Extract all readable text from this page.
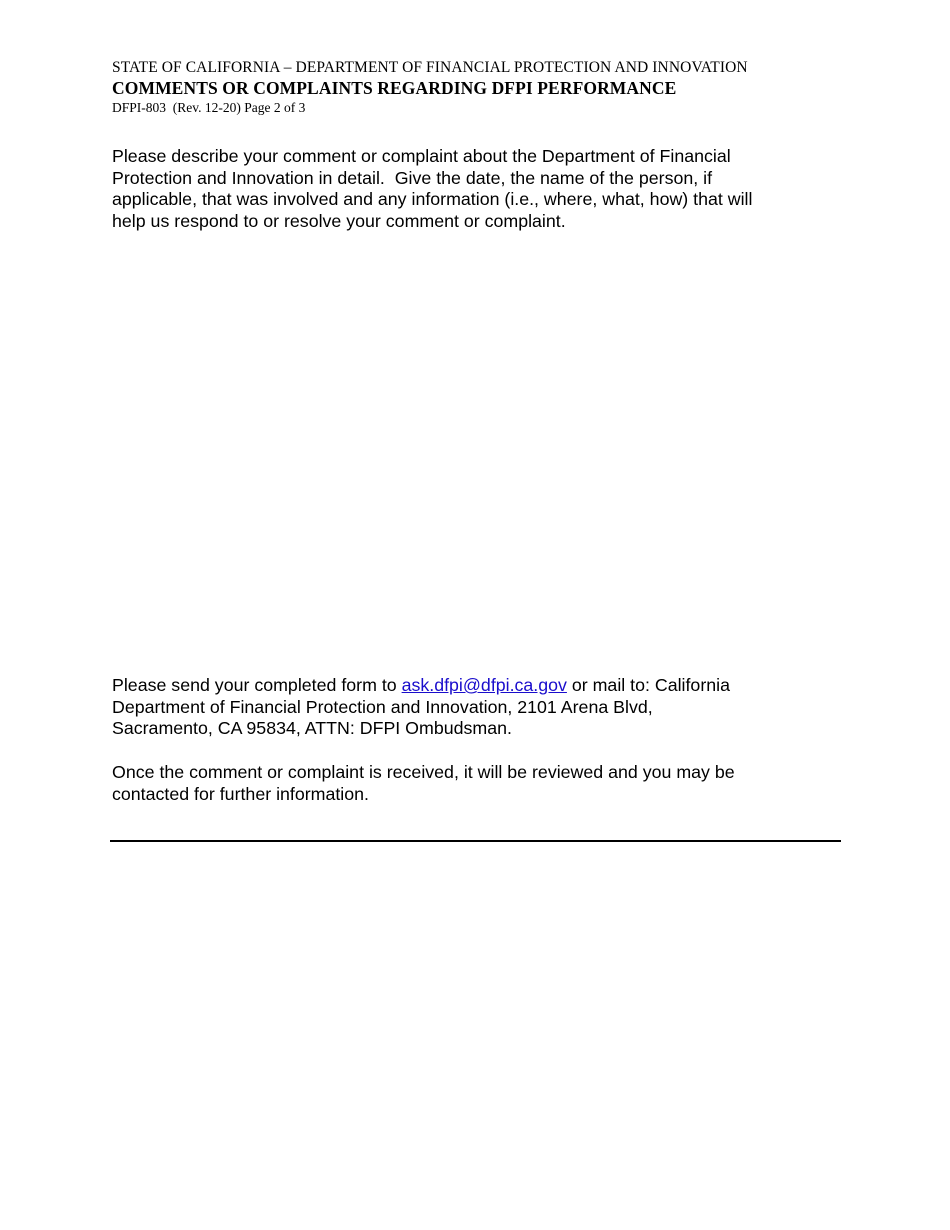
STATE OF CALIFORNIA – DEPARTMENT OF FINANCIAL PROTECTION AND INNOVATION
COMMENTS OR COMPLAINTS REGARDING DFPI PERFORMANCE
DFPI-803  (Rev. 12-20) Page 2 of 3
Please describe your comment or complaint about the Department of Financial
Protection and Innovation in detail.  Give the date, the name of the person, if
applicable, that was involved and any information (i.e., where, what, how) that will
help us respond to or resolve your comment or complaint.
Please send your completed form to ask.dfpi@dfpi.ca.gov or mail to: California
Department of Financial Protection and Innovation, 2101 Arena Blvd,
Sacramento, CA 95834, ATTN: DFPI Ombudsman.
Once the comment or complaint is received, it will be reviewed and you may be
contacted for further information.
